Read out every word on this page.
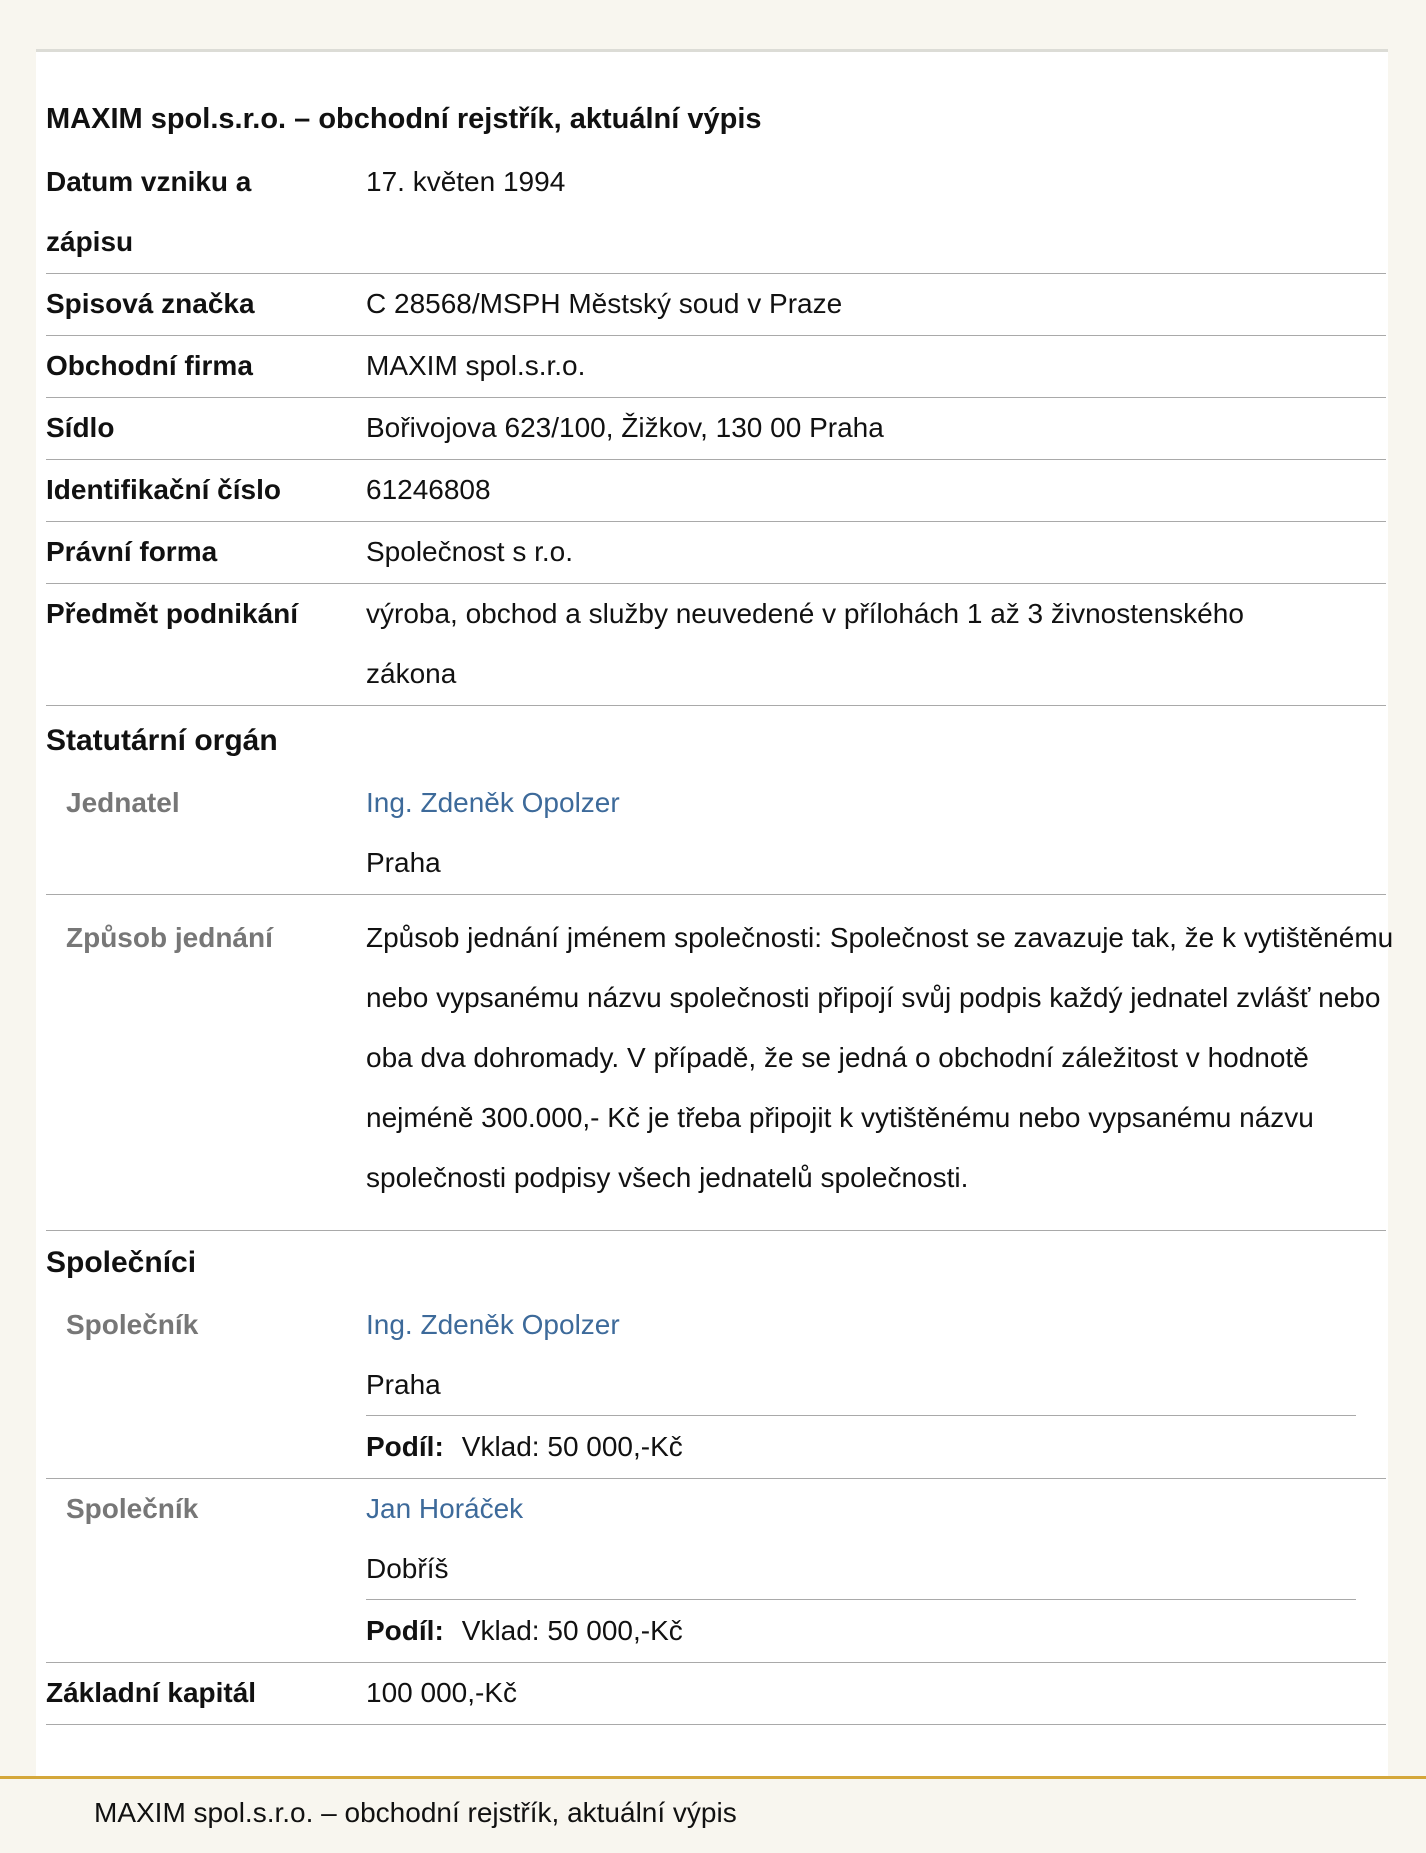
MAXIM spol.s.r.o. – obchodní rejstřík, aktuální výpis
Datum vzniku a zápisu
17. květen 1994
Spisová značka	C 28568/MSPH Městský soud v Praze
Obchodní firma	MAXIM spol.s.r.o.
Sídlo	Bořivojova 623/100, Žižkov, 130 00 Praha
Identifikační číslo	61246808
Právní forma	Společnost s r.o.
Předmět podnikání	výroba, obchod a služby neuvedené v přílohách 1 až 3 živnostenského zákona
Statutární orgán
Jednatel	Ing. Zdeněk Opolzer
Praha
Způsob jednání	Způsob jednání jménem společnosti: Společnost se zavazuje tak, že k vytištěnému nebo vypsanému názvu společnosti připojí svůj podpis každý jednatel zvlášť nebo oba dva dohromady. V případě, že se jedná o obchodní záležitost v hodnotě nejméně 300.000,- Kč je třeba připojit k vytištěnému nebo vypsanému názvu společnosti podpisy všech jednatelů společnosti.
Společníci
Společník	Ing. Zdeněk Opolzer
Praha
Podíl: Vklad: 50 000,-Kč
Společník	Jan Horáček
Dobříš
Podíl: Vklad: 50 000,-Kč
Základní kapitál	100 000,-Kč
MAXIM spol.s.r.o. – obchodní rejstřík, aktuální výpis
